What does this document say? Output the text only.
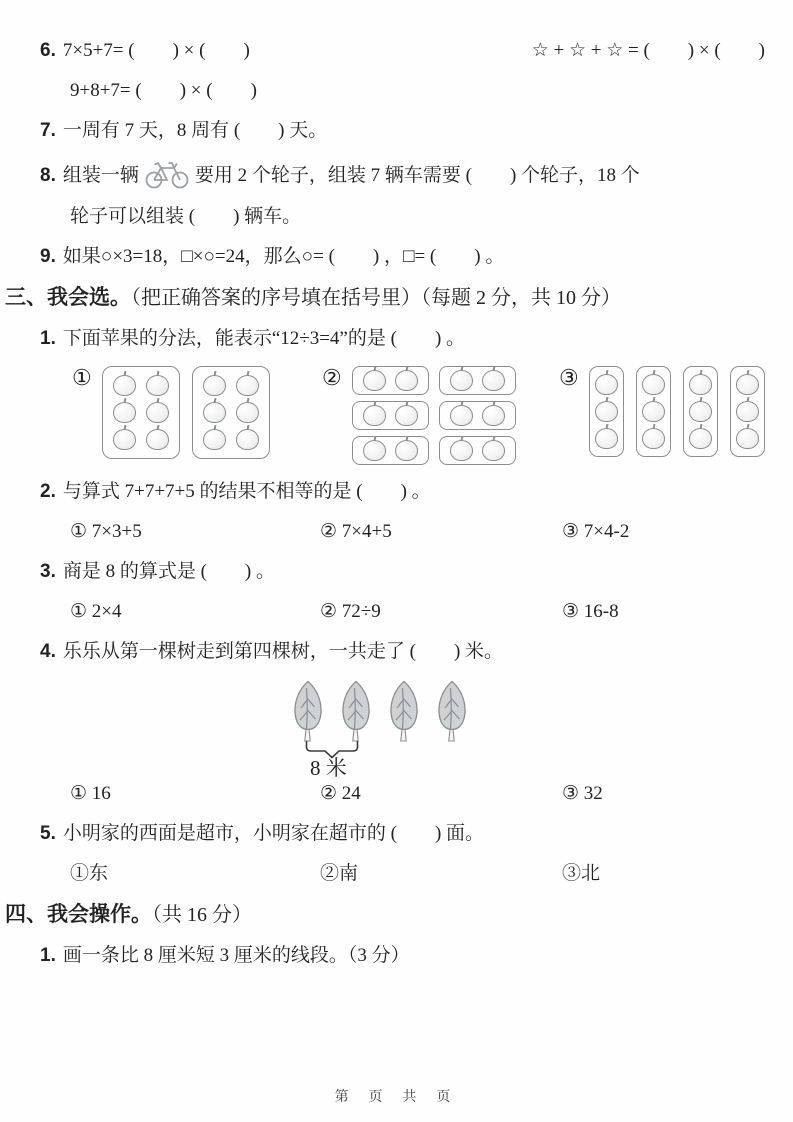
6. 7×5+7= (　　) × (　　)	☆ + ☆ + ☆ = (　　) × (　　)
9+8+7= (　　) × (　　)
7. 一周有 7 天，8 周有 (　　) 天。
8. 组装一辆	要用 2 个轮子，组装 7 辆车需要 (　　) 个轮子，18 个
轮子可以组装 (　　) 辆车。
9. 如果○×3=18，□×○=24，那么○= (　　) ，□= (　　) 。
三、我会选。（把正确答案的序号填在括号里）（每题 2 分，共 10 分）
1. 下面苹果的分法，能表示“12÷3=4”的是 (　　) 。
①	②	③
2. 与算式 7+7+7+5 的结果不相等的是 (　　) 。
① 7×3+5	② 7×4+5	③ 7×4-2
3. 商是 8 的算式是 (　　) 。
① 2×4	② 72÷9	③ 16-8
4. 乐乐从第一棵树走到第四棵树，一共走了 (　　) 米。
8 米
① 16	② 24	③ 32
5. 小明家的西面是超市，小明家在超市的 (　　) 面。
①东	②南	③北
四、我会操作。（共 16 分）
1. 画一条比 8 厘米短 3 厘米的线段。（3 分）
第 页 共 页
